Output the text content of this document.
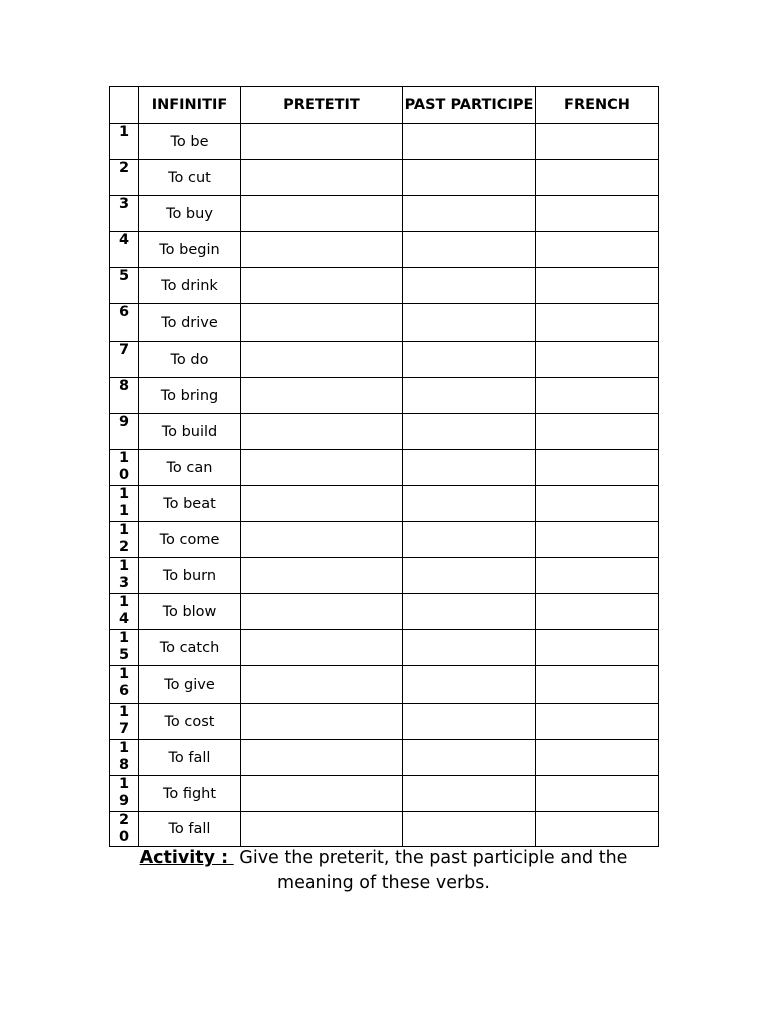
	INFINITIF	PRETETIT	PAST PARTICIPE	FRENCH
1	To be			
2	To cut			
3	To buy			
4	To begin			
5	To drink			
6	To drive			
7	To do			
8	To bring			
9	To build			
10	To can			
11	To beat			
12	To come			
13	To burn			
14	To blow			
15	To catch			
16	To give			
17	To cost			
18	To fall			
19	To fight			
20	To fall			
Activity : Give the preterit, the past participle and the meaning of these verbs.
